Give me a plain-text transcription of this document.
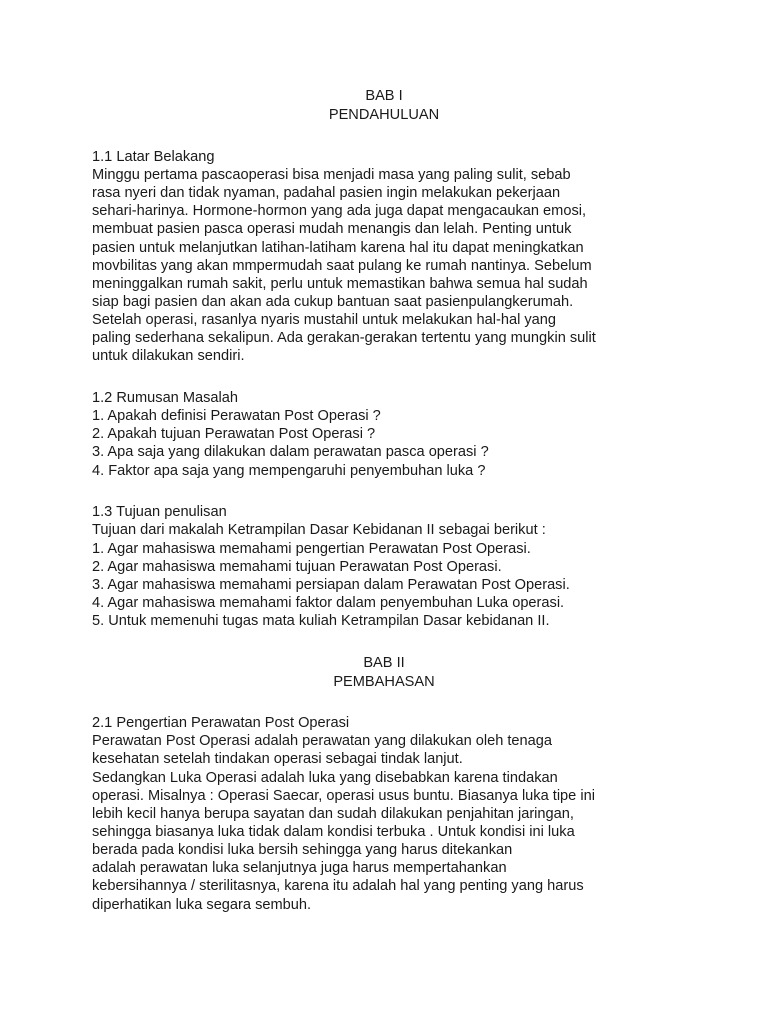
BAB I
PENDAHULUAN
1.1 Latar Belakang
Minggu pertama pascaoperasi bisa menjadi masa yang paling sulit, sebab
rasa nyeri dan tidak nyaman, padahal pasien ingin melakukan pekerjaan
sehari-harinya. Hormone-hormon yang ada juga dapat mengacaukan emosi,
membuat pasien pasca operasi mudah menangis dan lelah. Penting untuk
pasien untuk melanjutkan latihan-latiham karena hal itu dapat meningkatkan
movbilitas yang akan mmpermudah saat pulang ke rumah nantinya. Sebelum
meninggalkan rumah sakit, perlu untuk memastikan bahwa semua hal sudah
siap bagi pasien dan akan ada cukup bantuan saat pasienpulangkerumah.
Setelah operasi, rasanlya nyaris mustahil untuk melakukan hal-hal yang
paling sederhana sekalipun. Ada gerakan-gerakan tertentu yang mungkin sulit
untuk dilakukan sendiri.
1.2 Rumusan Masalah
1. Apakah definisi Perawatan Post Operasi ?
2. Apakah tujuan Perawatan Post Operasi ?
3. Apa saja yang dilakukan dalam perawatan pasca operasi ?
4. Faktor apa saja yang mempengaruhi penyembuhan luka ?
1.3 Tujuan penulisan
Tujuan dari makalah Ketrampilan Dasar Kebidanan II sebagai berikut :
1. Agar mahasiswa memahami pengertian Perawatan Post Operasi.
2. Agar mahasiswa memahami tujuan Perawatan Post Operasi.
3. Agar mahasiswa memahami persiapan dalam Perawatan Post Operasi.
4. Agar mahasiswa memahami faktor dalam penyembuhan Luka operasi.
5. Untuk memenuhi tugas mata kuliah Ketrampilan Dasar kebidanan II.
BAB II
PEMBAHASAN
2.1 Pengertian Perawatan Post Operasi
Perawatan Post Operasi adalah perawatan yang dilakukan oleh tenaga
kesehatan setelah tindakan operasi sebagai tindak lanjut.
Sedangkan Luka Operasi adalah luka yang disebabkan karena tindakan
operasi. Misalnya : Operasi Saecar, operasi usus buntu. Biasanya luka tipe ini
lebih kecil hanya berupa sayatan dan sudah dilakukan penjahitan jaringan,
sehingga biasanya luka tidak dalam kondisi terbuka . Untuk kondisi ini luka
berada pada kondisi luka bersih sehingga yang harus ditekankan
adalah perawatan luka selanjutnya juga harus mempertahankan
kebersihannya / sterilitasnya, karena itu adalah hal yang penting yang harus
diperhatikan luka segara sembuh.
